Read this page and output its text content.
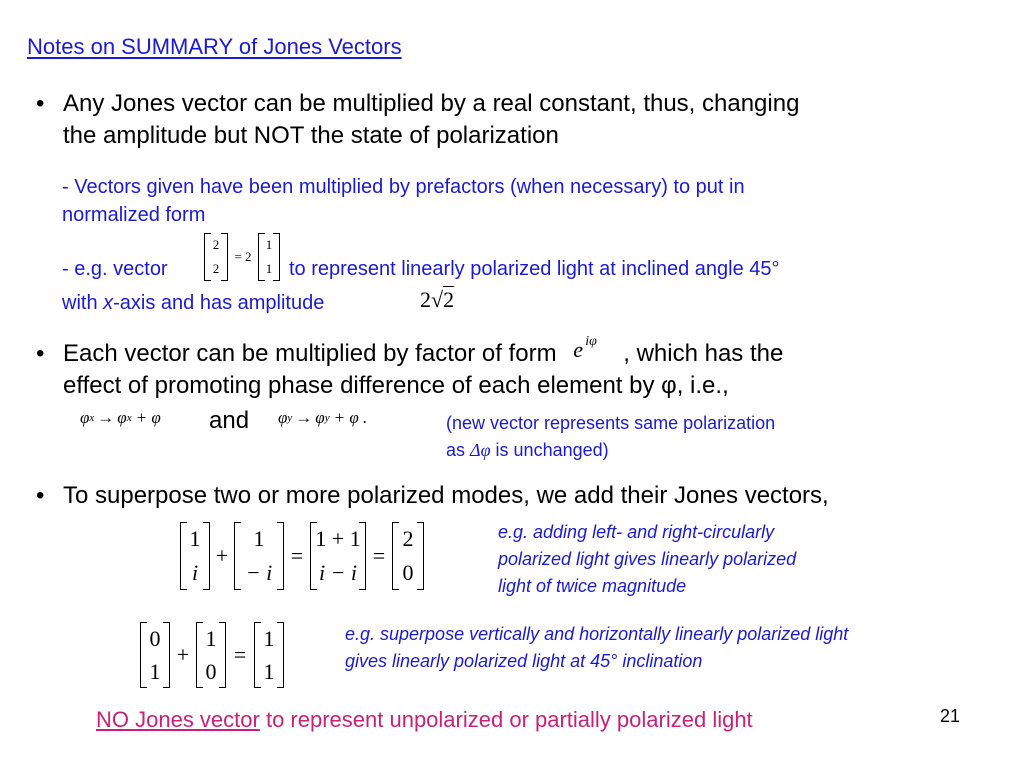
Notes on SUMMARY of Jones Vectors
• Any Jones vector can be multiplied by a real constant, thus, changing
the amplitude but NOT the state of polarization
- Vectors given have been multiplied by prefactors (when necessary) to put in
normalized form
- e.g. vector
2
2
= 2
1
1 to represent linearly polarized light at inclined angle 45°
with x-axis and has amplitude	2√2
• Each vector can be multiplied by factor of form e iφ , which has the
effect of promoting phase difference of each element by φ, i.e.,
φ x → φ x + φ and φ y → φ y + φ .	(new vector represents same polarization
as Δφ is unchanged)
• To superpose two or more polarized modes, we add their Jones vectors,
1
i
+
1
− i
=
1 + 1
i − i
=
2
0
e.g. adding left- and right-circularly
polarized light gives linearly polarized
light of twice magnitude
0
1
+
1
0
=
1
1
e.g. superpose vertically and horizontally linearly polarized light
gives linearly polarized light at 45° inclination
NO Jones vector to represent unpolarized or partially polarized light	21
